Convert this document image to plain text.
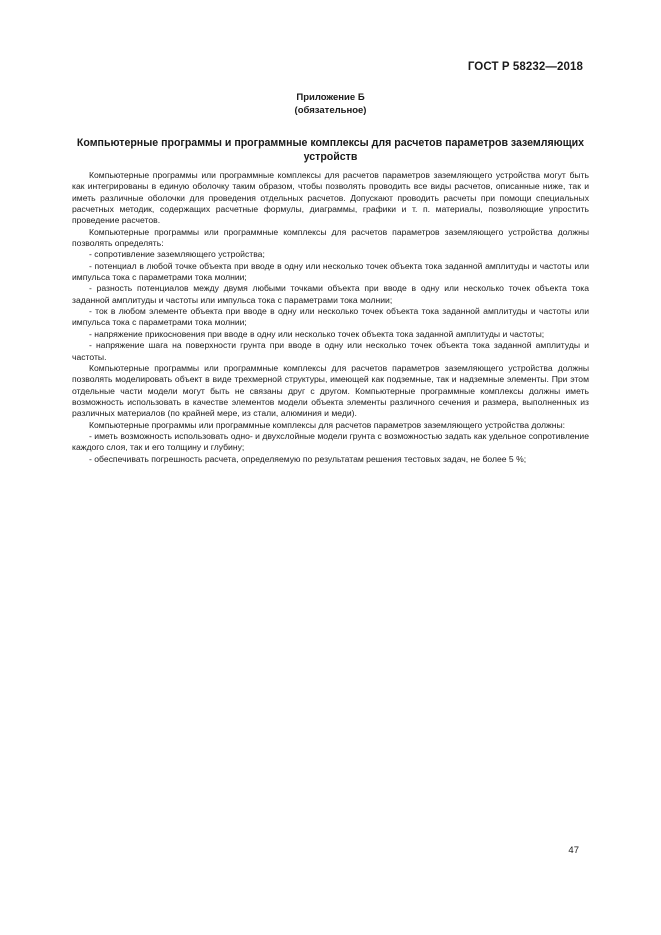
ГОСТ Р 58232—2018
Приложение Б
(обязательное)
Компьютерные программы и программные комплексы для расчетов параметров заземляющих устройств

Компьютерные программы или программные комплексы для расчетов параметров заземляющего устройства могут быть как интегрированы в единую оболочку таким образом, чтобы позволять проводить все виды расчетов, описанные ниже, так и иметь различные оболочки для проведения отдельных расчетов. Допускают проводить расчеты при помощи специальных расчетных методик, содержащих расчетные формулы, диаграммы, графики и т. п. материалы, позволяющие упростить проведение расчетов.

Компьютерные программы или программные комплексы для расчетов параметров заземляющего устройства должны позволять определять:

- сопротивление заземляющего устройства;

- потенциал в любой точке объекта при вводе в одну или несколько точек объекта тока заданной амплитуды и частоты или импульса тока с параметрами тока молнии;

- разность потенциалов между двумя любыми точками объекта при вводе в одну или несколько точек объекта тока заданной амплитуды и частоты или импульса тока с параметрами тока молнии;

- ток в любом элементе объекта при вводе в одну или несколько точек объекта тока заданной амплитуды и частоты или импульса тока с параметрами тока молнии;

- напряжение прикосновения при вводе в одну или несколько точек объекта тока заданной амплитуды и частоты;

- напряжение шага на поверхности грунта при вводе в одну или несколько точек объекта тока заданной амплитуды и частоты.

Компьютерные программы или программные комплексы для расчетов параметров заземляющего устройства должны позволять моделировать объект в виде трехмерной структуры, имеющей как подземные, так и надземные элементы. При этом отдельные части модели могут быть не связаны друг с другом. Компьютерные программные комплексы должны иметь возможность использовать в качестве элементов модели объекта элементы различного сечения и размера, выполненных из различных материалов (по крайней мере, из стали, алюминия и меди).

Компьютерные программы или программные комплексы для расчетов параметров заземляющего устройства должны:

- иметь возможность использовать одно- и двухслойные модели грунта с возможностью задать как удельное сопротивление каждого слоя, так и его толщину и глубину;

- обеспечивать погрешность расчета, определяемую по результатам решения тестовых задач, не более 5 %;

47
